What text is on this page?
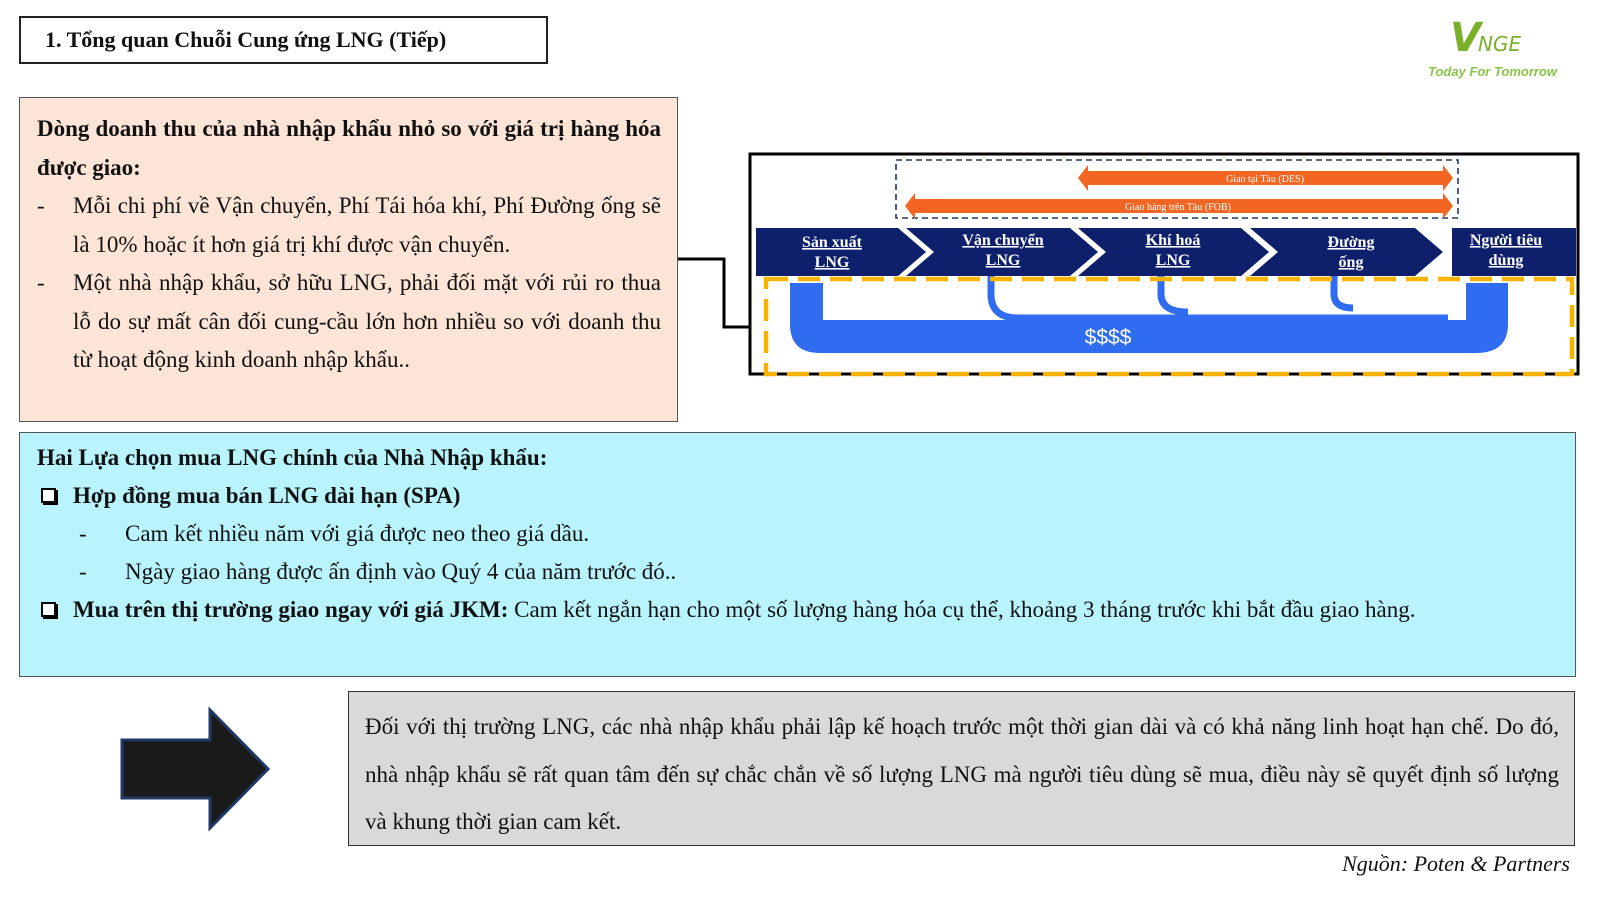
1. Tổng quan Chuỗi Cung ứng LNG (Tiếp)	V
NGE
Today For Tomorrow
Dòng doanh thu của nhà nhập khẩu nhỏ so với giá trị hàng hóa được giao:
-	Mỗi chi phí về Vận chuyển, Phí Tái hóa khí, Phí Đường ống sẽ là 10% hoặc ít hơn giá trị khí được vận chuyển.
-	Một nhà nhập khẩu, sở hữu LNG, phải đối mặt với rủi ro thua lỗ do sự mất cân đối cung-cầu lớn hơn nhiều so với doanh thu từ hoạt động kinh doanh nhập khẩu..
Giao tại Tàu (DES)
Giao hàng trên Tàu (FOB)
Sản xuất
LNG
Vận chuyển
LNG
Khí hoá
LNG
Đường
ống
Người tiêu
dùng
$$$$
Hai Lựa chọn mua LNG chính của Nhà Nhập khẩu:
Hợp đồng mua bán LNG dài hạn (SPA)
-	Cam kết nhiều năm với giá được neo theo giá dầu.
-	Ngày giao hàng được ấn định vào Quý 4 của năm trước đó..
Mua trên thị trường giao ngay với giá JKM: Cam kết ngắn hạn cho một số lượng hàng hóa cụ thể, khoảng 3 tháng trước khi bắt đầu giao hàng.
Đối với thị trường LNG, các nhà nhập khẩu phải lập kế hoạch trước một thời gian dài và có khả năng linh hoạt hạn chế. Do đó, nhà nhập khẩu sẽ rất quan tâm đến sự chắc chắn về số lượng LNG mà người tiêu dùng sẽ mua, điều này sẽ quyết định số lượng và khung thời gian cam kết.
Nguồn: Poten & Partners
